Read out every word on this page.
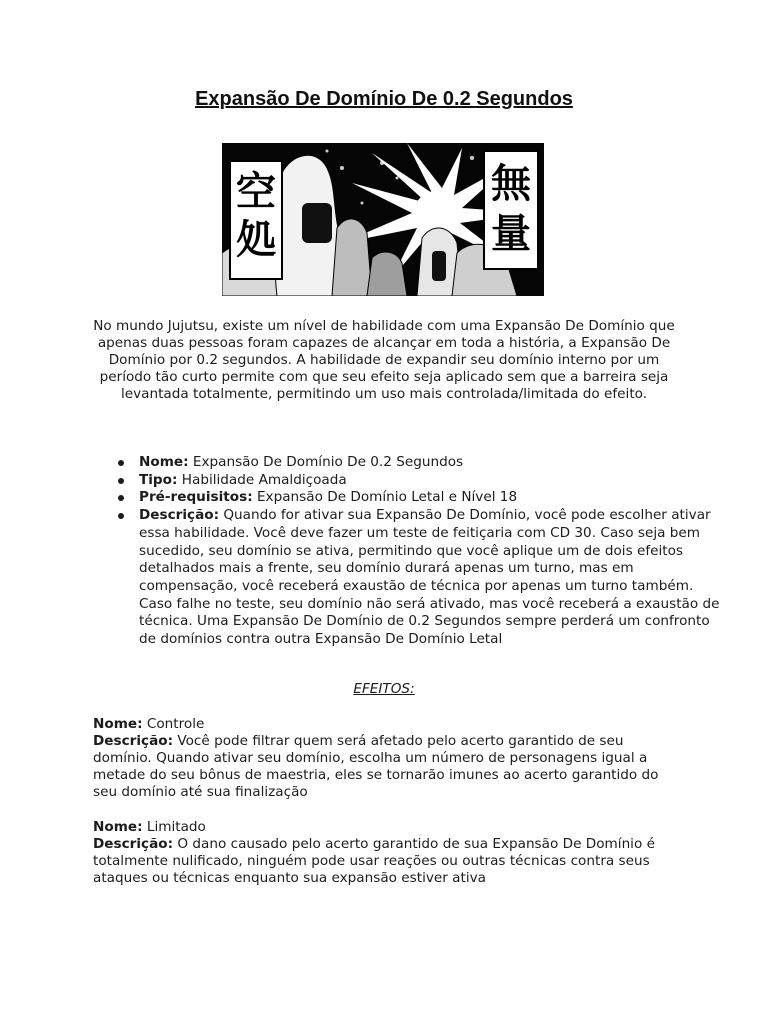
Expansão De Domínio De 0.2 Segundos
空
処
無
量

No mundo Jujutsu, existe um nível de habilidade com uma Expansão De Domínio que apenas duas pessoas foram capazes de alcançar em toda a história, a Expansão De Domínio por 0.2 segundos. A habilidade de expandir seu domínio interno por um período tão curto permite com que seu efeito seja aplicado sem que a barreira seja levantada totalmente, permitindo um uso mais controlada/limitada do efeito.

Nome: Expansão De Domínio De 0.2 Segundos
Tipo: Habilidade Amaldiçoada
Pré-requisitos: Expansão De Domínio Letal e Nível 18
Descrição: Quando for ativar sua Expansão De Domínio, você pode escolher ativar essa habilidade. Você deve fazer um teste de feitiçaria com CD 30. Caso seja bem sucedido, seu domínio se ativa, permitindo que você aplique um de dois efeitos detalhados mais a frente, seu domínio durará apenas um turno, mas em compensação, você receberá exaustão de técnica por apenas um turno também. Caso falhe no teste, seu domínio não será ativado, mas você receberá a exaustão de técnica. Uma Expansão De Domínio de 0.2 Segundos sempre perderá um confronto de domínios contra outra Expansão De Domínio Letal

EFEITOS:

Nome: Controle
Descrição: Você pode filtrar quem será afetado pelo acerto garantido de seu domínio. Quando ativar seu domínio, escolha um número de personagens igual a metade do seu bônus de maestria, eles se tornarão imunes ao acerto garantido do seu domínio até sua finalização
Nome: Limitado
Descrição: O dano causado pelo acerto garantido de sua Expansão De Domínio é totalmente nulificado, ninguém pode usar reações ou outras técnicas contra seus ataques ou técnicas enquanto sua expansão estiver ativa
